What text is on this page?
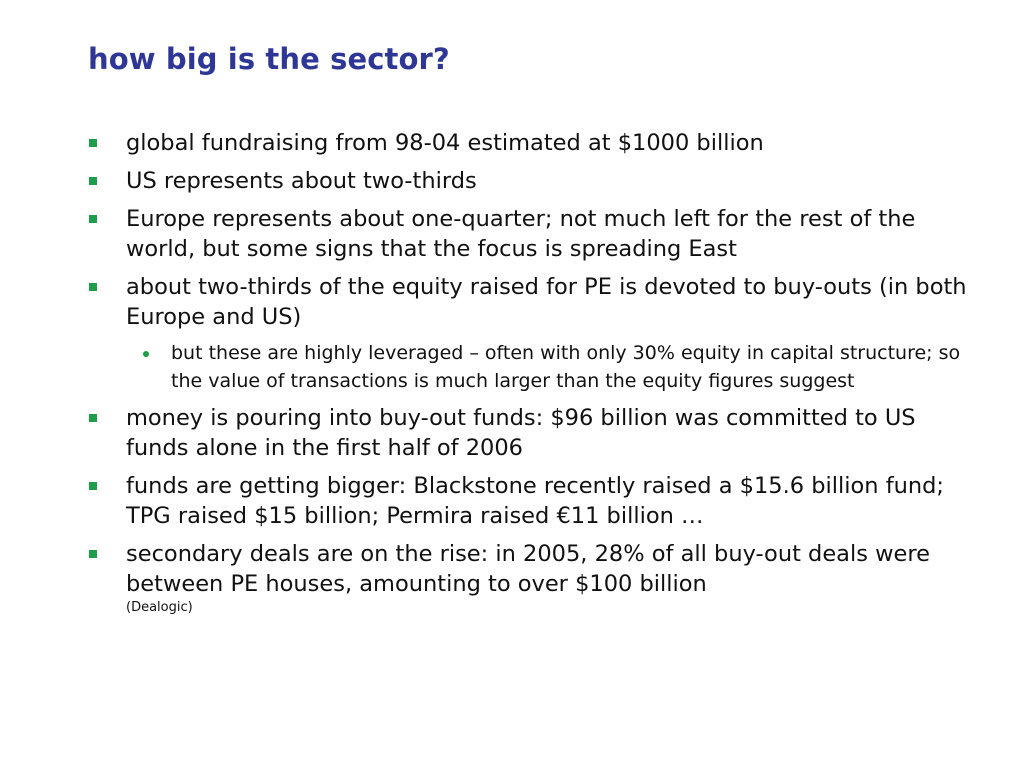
how big is the sector?
global fundraising from 98-04 estimated at $1000 billion
US represents about two-thirds
Europe represents about one-quarter; not much left for the rest of the world, but some signs that the focus is spreading East
about two-thirds of the equity raised for PE is devoted to buy-outs (in both Europe and US)
but these are highly leveraged – often with only 30% equity in capital structure; so the value of transactions is much larger than the equity figures suggest
money is pouring into buy-out funds: $96 billion was committed to US funds alone in the first half of 2006
funds are getting bigger: Blackstone recently raised a $15.6 billion fund; TPG raised $15 billion; Permira raised €11 billion …
secondary deals are on the rise: in 2005, 28% of all buy-out deals were between PE houses, amounting to over $100 billion
(Dealogic)
